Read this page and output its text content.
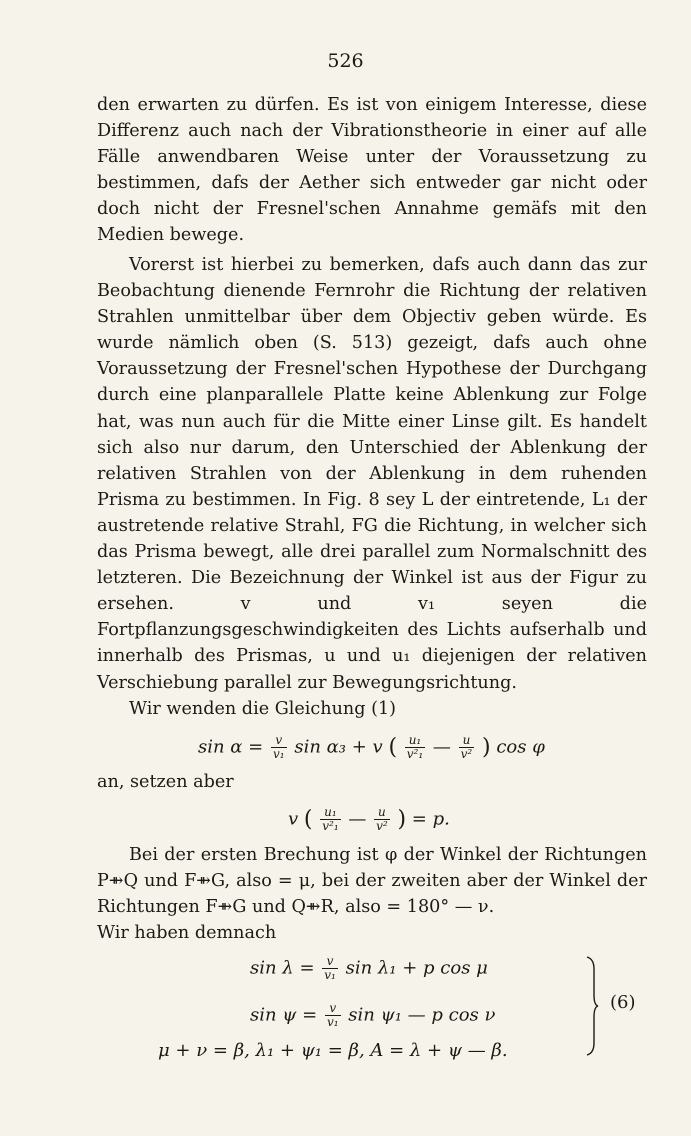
526

den erwarten zu dürfen. Es ist von einigem Interesse, diese Differenz auch nach der Vibrationstheorie in einer auf alle Fälle anwendbaren Weise unter der Voraussetzung zu bestimmen, dafs der Aether sich entweder gar nicht oder doch nicht der Fresnel'schen Annahme gemäfs mit den Medien bewege.

Vorerst ist hierbei zu bemerken, dafs auch dann das zur Beobachtung dienende Fernrohr die Richtung der relativen Strahlen unmittelbar über dem Objectiv geben würde. Es wurde nämlich oben (S. 513) gezeigt, dafs auch ohne Voraussetzung der Fresnel'schen Hypothese der Durchgang durch eine planparallele Platte keine Ablenkung zur Folge hat, was nun auch für die Mitte einer Linse gilt. Es handelt sich also nur darum, den Unterschied der Ablenkung der relativen Strahlen von der Ablenkung in dem ruhenden Prisma zu bestimmen. In Fig. 8 sey L der eintretende, L₁ der austretende relative Strahl, FG die Richtung, in welcher sich das Prisma bewegt, alle drei parallel zum Normalschnitt des letzteren. Die Bezeichnung der Winkel ist aus der Figur zu ersehen. v und v₁ seyen die Fortpflanzungsgeschwindigkeiten des Lichts aufserhalb und innerhalb des Prismas, u und u₁ diejenigen der relativen Verschiebung parallel zur Bewegungsrichtung.

Wir wenden die Gleichung (1)

$\sin \alpha = \frac{v}{\text{v₁}}$ sin α₃ + v ( $\frac{\text{u₁}}{\text{v²₁}}$ — $\frac{u}{\text{v²}}$ ) cos φ
an, setzen aber
v ( $\frac{\text{u₁}}{\text{v²₁}}$ — $\frac{u}{\text{v²}}$ ) = p.

Bei der ersten Brechung ist φ der Winkel der Richtungen P⇻Q und F⇻G, also = μ, bei der zweiten aber der Winkel der Richtungen F⇻G und Q⇻R, also = 180° — ν.

Wir haben demnach

$\sin \lambda = \frac{v}{\text{v₁}}$ sin λ₁ + p cos μ
$\sin \psi = \frac{v}{\text{v₁}}$ sin ψ₁ — p cos ν
μ + ν = β, λ₁ + ψ₁ = β, A = λ + ψ — β.
(6)
